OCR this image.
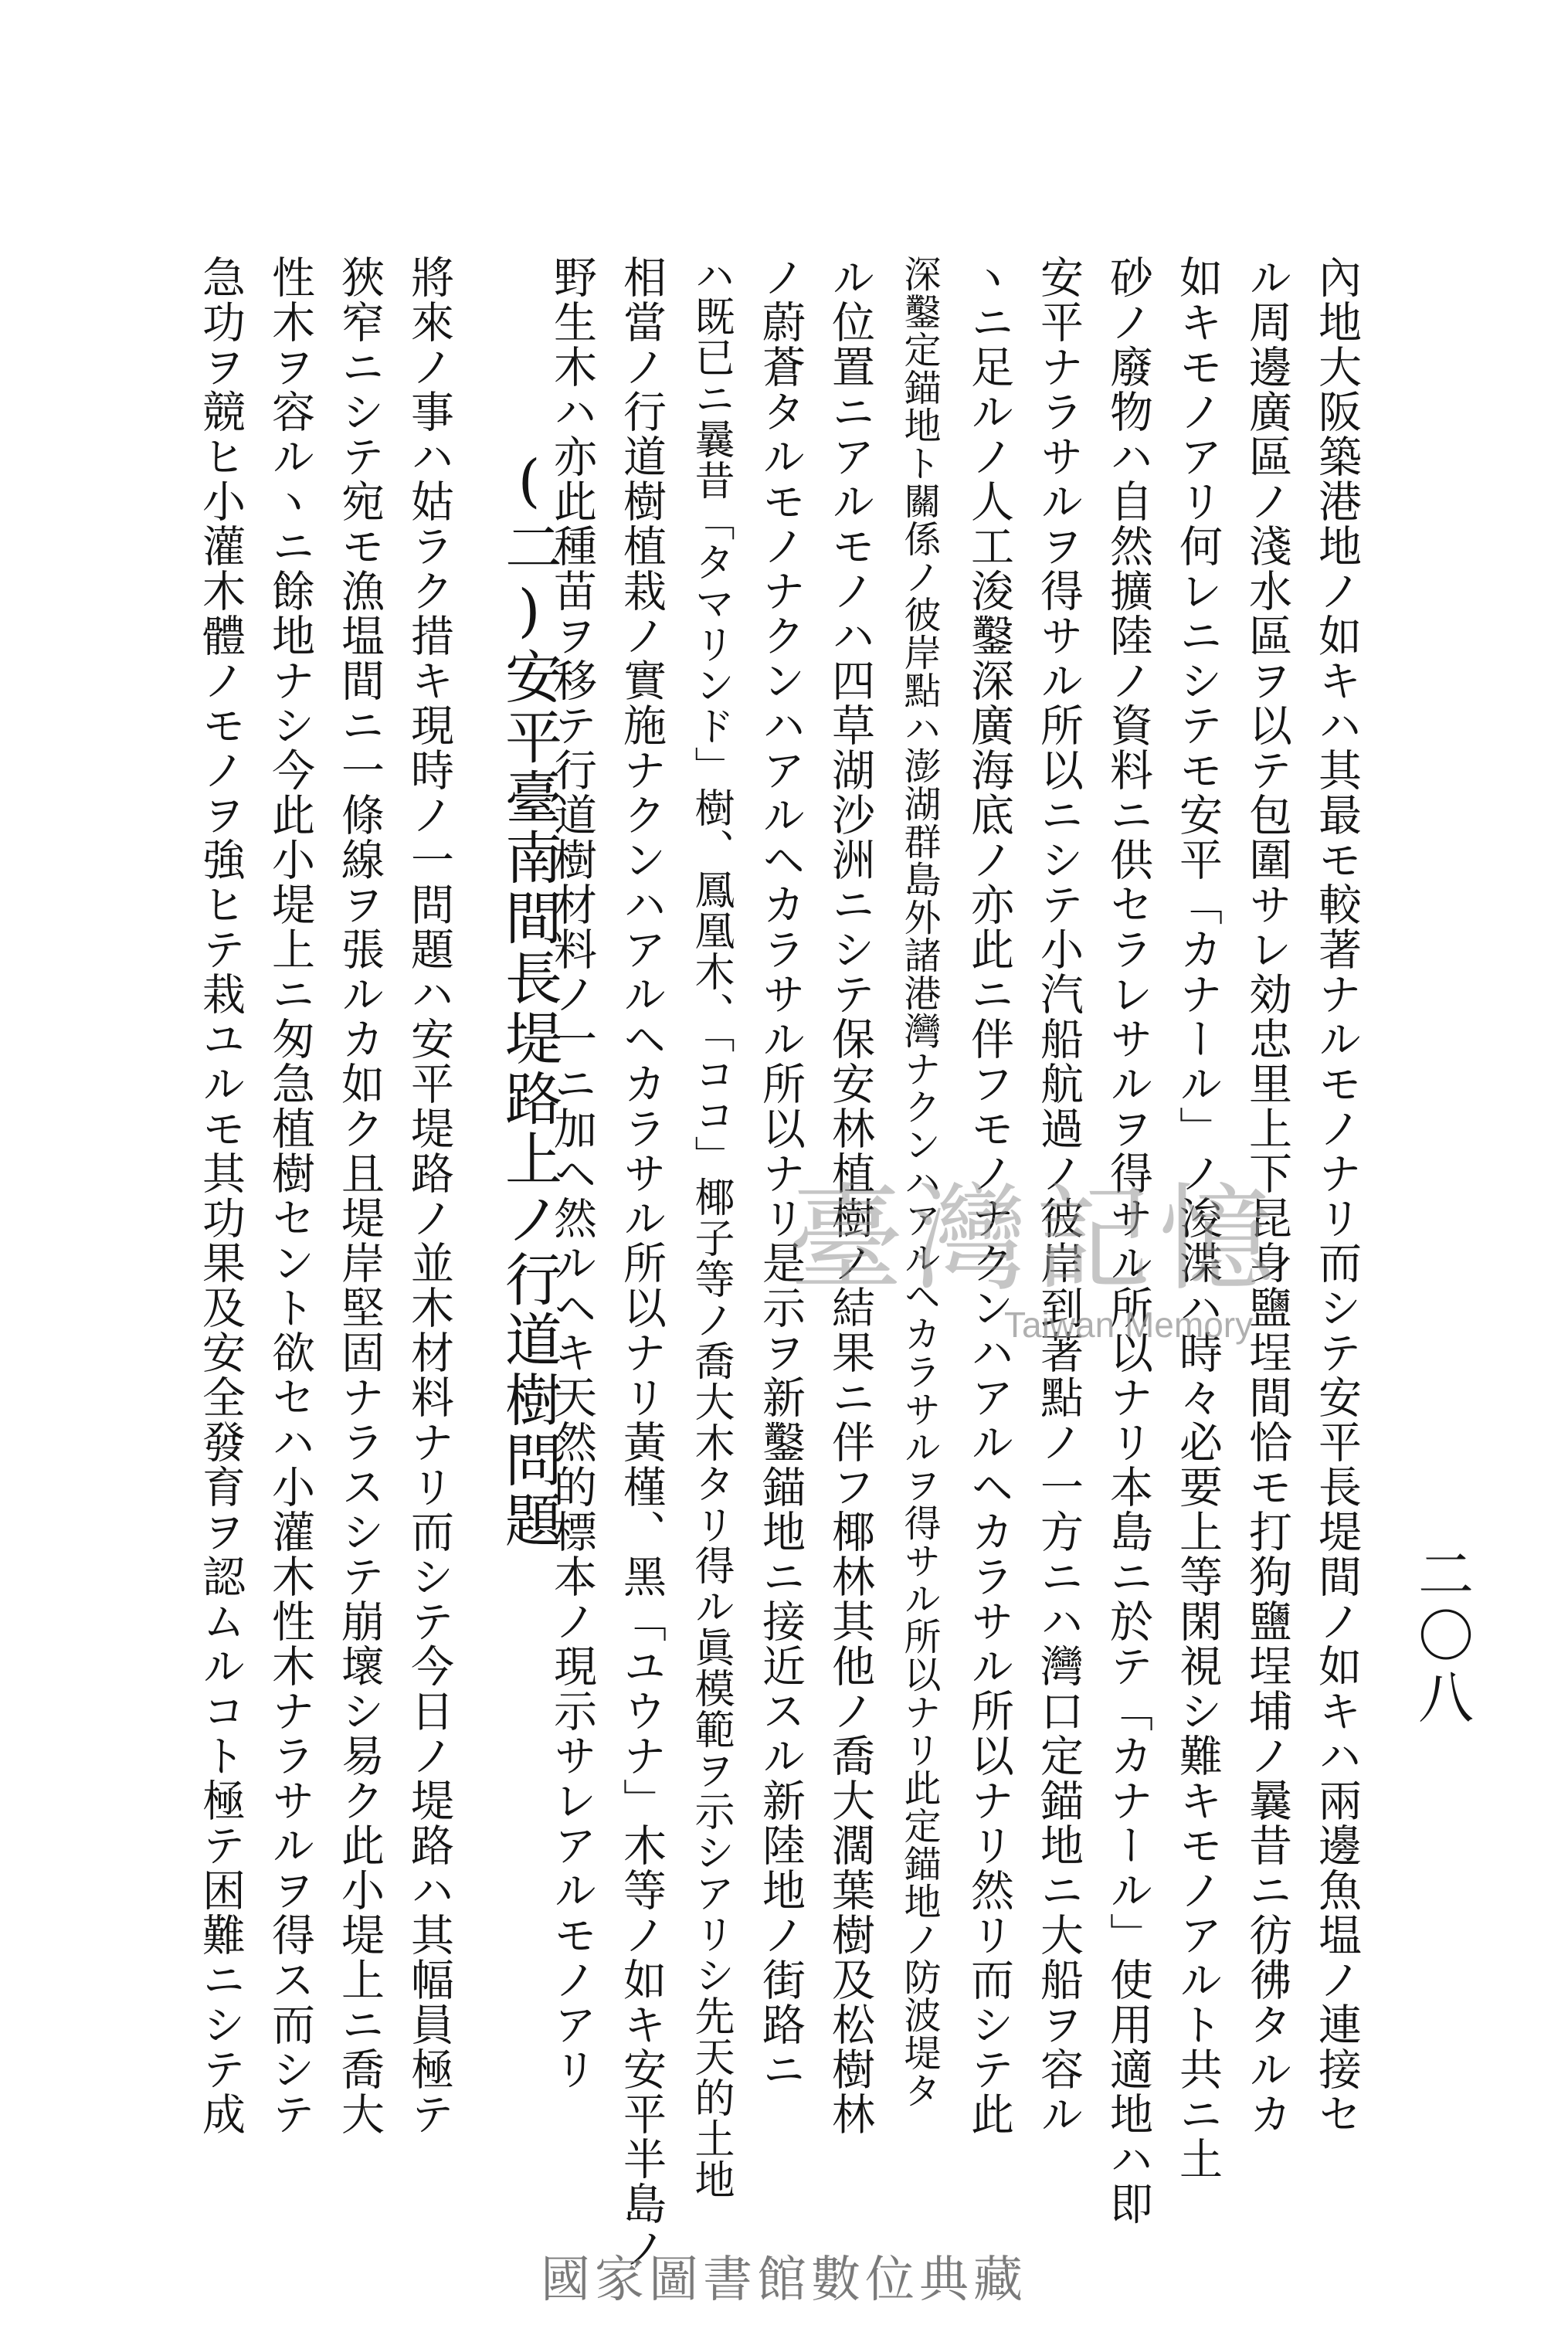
二〇八
內地大阪築港地ノ如キハ其最モ較著ナルモノナリ而シテ安平長堤間ノ如キハ兩邊魚塭ノ連接セ
ル周邊廣區ノ淺水區ヲ以テ包圍サレ効忠里上下昆身鹽埕間恰モ打狗鹽埕埔ノ曩昔ニ彷彿タルカ
如キモノアリ何レニシテモ安平「カナール」ノ浚渫ハ時々必要上等閑視シ難キモノアルト共ニ土
砂ノ廢物ハ自然擴陸ノ資料ニ供セラレサルヲ得サル所以ナリ本島ニ於テ「カナール」使用適地ハ即
安平ナラサルヲ得サル所以ニシテ小汽船航過ノ彼岸到著點ノ一方ニハ灣口定錨地ニ大船ヲ容ル
ヽニ足ルノ人工浚鑿深廣海底ノ亦此ニ伴フモノナクンハアルヘカラサル所以ナリ然リ而シテ此
深鑿定錨地ト關係ノ彼岸點ハ澎湖群島外諸港灣ナクンハアルヘカラサルヲ得サル所以ナリ此定錨地ノ防波堤タ
ル位置ニアルモノハ四草湖沙洲ニシテ保安林植樹ノ結果ニ伴フ椰林其他ノ喬大濶葉樹及松樹林
ノ蔚蒼タルモノナクンハアルヘカラサル所以ナリ是示ヲ新鑿錨地ニ接近スル新陸地ノ街路ニ
ハ既已ニ曩昔「タマリンド」樹、鳳凰木、「ココ」椰子等ノ喬大木タリ得ル眞模範ヲ示シアリシ先天的土地
相當ノ行道樹植栽ノ實施ナクンハアルヘカラサル所以ナリ黃槿、黑「ユウナ」木等ノ如キ安平半島ノ
野生木ハ亦此種苗ヲ移テ行道樹材料ノ一ニ加ヘ然ルヘキ天然的標本ノ現示サレアルモノアリ
(二)安平臺南間長堤路上ノ行道樹問題
將來ノ事ハ姑ラク措キ現時ノ一問題ハ安平堤路ノ並木材料ナリ而シテ今日ノ堤路ハ其幅員極テ
狹窄ニシテ宛モ漁塭間ニ一條線ヲ張ルカ如ク且堤岸堅固ナラスシテ崩壞シ易ク此小堤上ニ喬大
性木ヲ容ルヽニ餘地ナシ今此小堤上ニ匆急植樹セント欲セハ小灌木性木ナラサルヲ得ス而シテ
急功ヲ競ヒ小灌木體ノモノヲ強ヒテ栽ユルモ其功果及安全發育ヲ認ムルコト極テ困難ニシテ成	臺灣記憶
Taiwan Memory
國家圖書館數位典藏
